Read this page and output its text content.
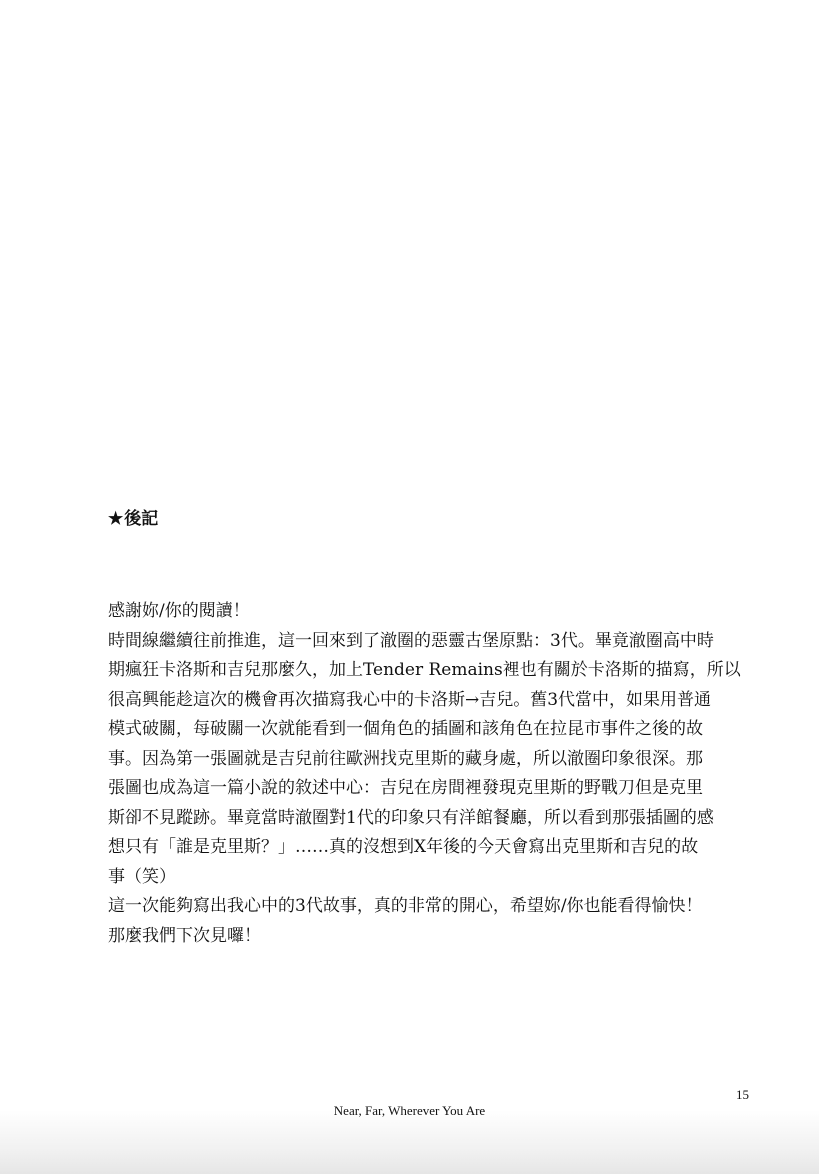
★後記
感謝妳/你的閱讀！
時間線繼續往前推進，這一回來到了澈圈的惡靈古堡原點：3代。畢竟澈圈高中時
期瘋狂卡洛斯和吉兒那麼久，加上Tender Remains裡也有關於卡洛斯的描寫，所以
很高興能趁這次的機會再次描寫我心中的卡洛斯→吉兒。舊3代當中，如果用普通
模式破關，每破關一次就能看到一個角色的插圖和該角色在拉昆市事件之後的故
事。因為第一張圖就是吉兒前往歐洲找克里斯的藏身處，所以澈圈印象很深。那
張圖也成為這一篇小說的敘述中心：吉兒在房間裡發現克里斯的野戰刀但是克里
斯卻不見蹤跡。畢竟當時澈圈對1代的印象只有洋館餐廳，所以看到那張插圖的感
想只有「誰是克里斯？」……真的沒想到X年後的今天會寫出克里斯和吉兒的故
事（笑）
這一次能夠寫出我心中的3代故事，真的非常的開心，希望妳/你也能看得愉快！
那麼我們下次見囉！
15
Near, Far, Wherever You Are
